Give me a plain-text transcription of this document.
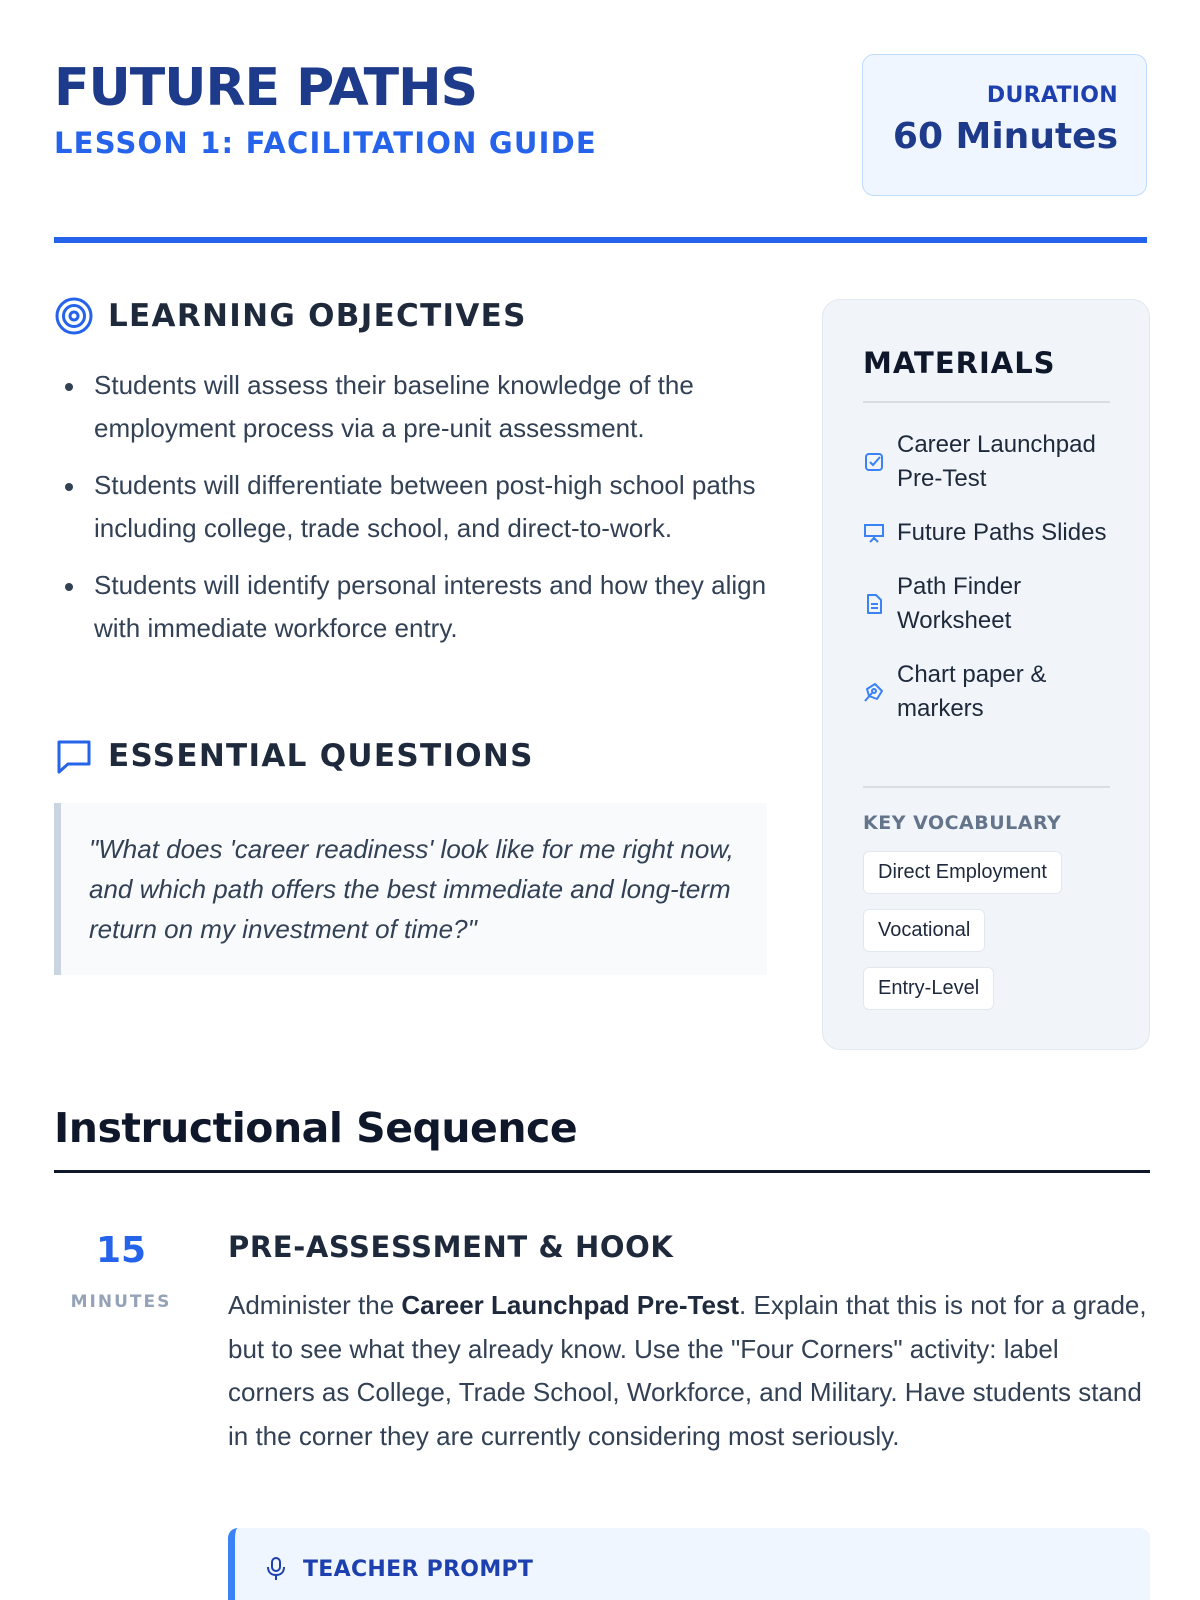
FUTURE PATHS
LESSON 1: FACILITATION GUIDE
DURATION
60 Minutes
LEARNING OBJECTIVES
Students will assess their baseline knowledge of the employment process via a pre-unit assessment.
Students will differentiate between post-high school paths including college, trade school, and direct-to-work.
Students will identify personal interests and how they align with immediate workforce entry.
ESSENTIAL QUESTIONS
"What does 'career readiness' look like for me right now, and which path offers the best immediate and long-term return on my investment of time?"
MATERIALS
Career Launchpad Pre-Test
Future Paths Slides
Path Finder Worksheet
Chart paper & markers
KEY VOCABULARY
Direct Employment
Vocational
Entry-Level
Instructional Sequence
15
MINUTES
PRE-ASSESSMENT & HOOK
Administer the Career Launchpad Pre-Test. Explain that this is not for a grade, but to see what they already know. Use the "Four Corners" activity: label corners as College, Trade School, Workforce, and Military. Have students stand in the corner they are currently considering most seriously.
TEACHER PROMPT
